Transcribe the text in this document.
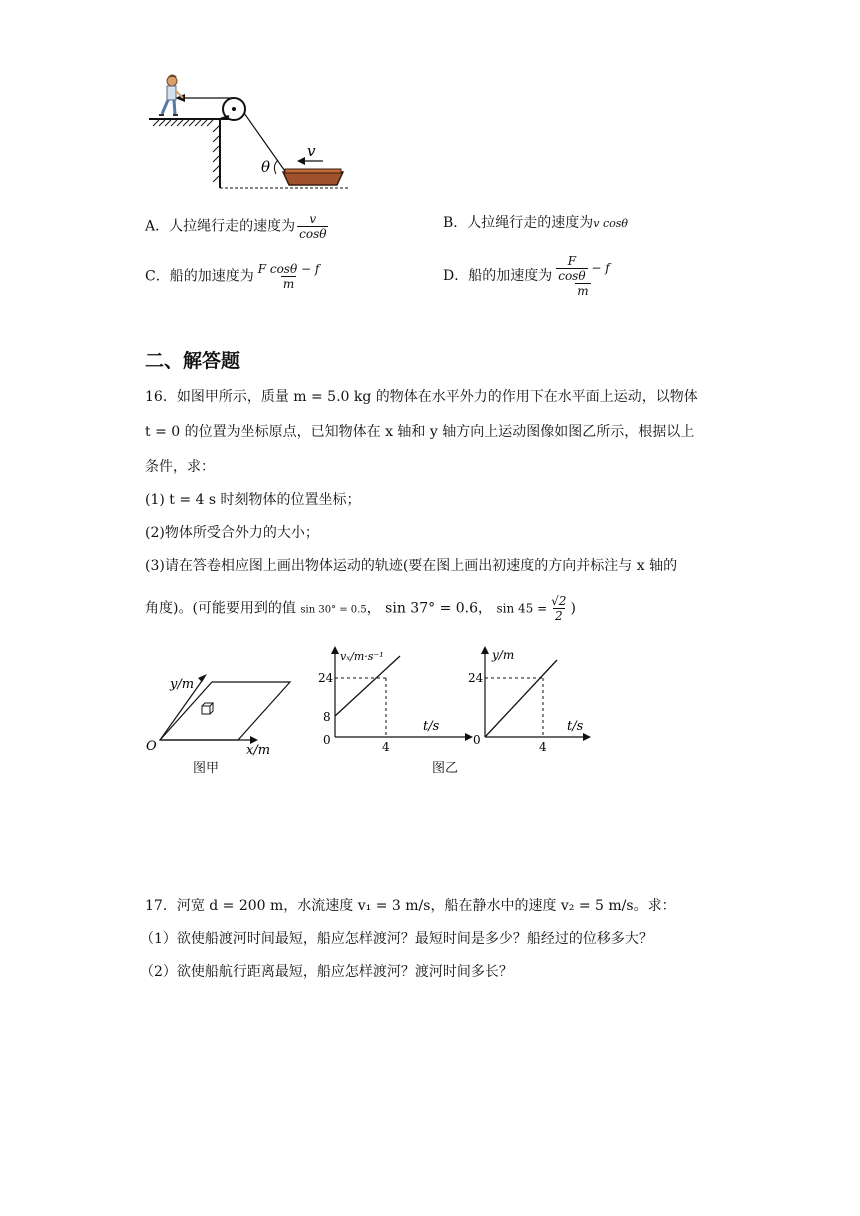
v
θ
A．人拉绳行走的速度为 $\frac{v}{\cos\theta}$	B．人拉绳行走的速度为v cosθ
C．船的加速度为 $\frac{\text{F cosθ − f}}{m}$	D．船的加速度为 $\frac{\frac{F}{\cos\theta} - f}{m}$
二、解答题
16．如图甲所示，质量 m = 5.0 kg 的物体在水平外力的作用下在水平面上运动，以物体
t = 0 的位置为坐标原点，已知物体在 x 轴和 y 轴方向上运动图像如图乙所示，根据以上
条件，求：
(1) t = 4 s 时刻物体的位置坐标；
(2)物体所受合外力的大小；
(3)请在答卷相应图上画出物体运动的轨迹(要在图上画出初速度的方向并标注与 x 轴的
角度)。(可能要用到的值 sin 30° = 0.5， sin 37° = 0.6， $\sin 45 = \frac{√2}{2}$ )
y/m
x/m
O
图甲
vₓ/m·s⁻¹
t/s
24
8
0	4
y/m
t/s
24
0	4
图乙
17．河宽 d = 200 m，水流速度 v₁ = 3 m/s，船在静水中的速度 v₂ = 5 m/s。求：
（1）欲使船渡河时间最短，船应怎样渡河？最短时间是多少？船经过的位移多大？
（2）欲使船航行距离最短，船应怎样渡河？渡河时间多长？
